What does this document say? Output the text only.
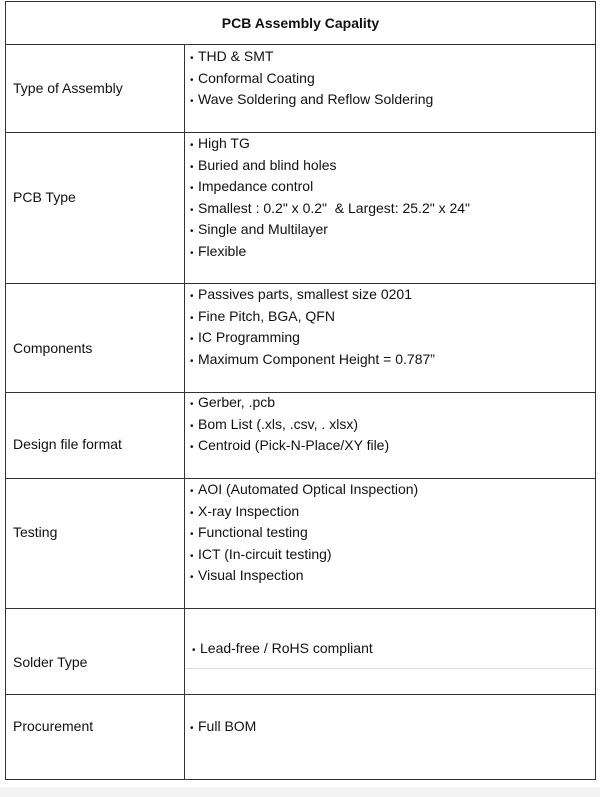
PCB Assembly Capality
Type of Assembly
• THD & SMT
• Conformal Coating
• Wave Soldering and Reflow Soldering
PCB Type
• High TG
• Buried and blind holes
• Impedance control
• Smallest : 0.2" x 0.2"  & Largest: 25.2" x 24"
• Single and Multilayer
• Flexible
Components
• Passives parts, smallest size 0201
• Fine Pitch, BGA, QFN
• IC Programming
• Maximum Component Height = 0.787”
Design file format
• Gerber, .pcb
• Bom List (.xls, .csv, . xlsx)
• Centroid (Pick-N-Place/XY file)
Testing
• AOI (Automated Optical Inspection)
• X-ray Inspection
• Functional testing
• ICT (In-circuit testing)
• Visual Inspection
Solder Type
• Lead-free / RoHS compliant
Procurement
•	Full BOM
